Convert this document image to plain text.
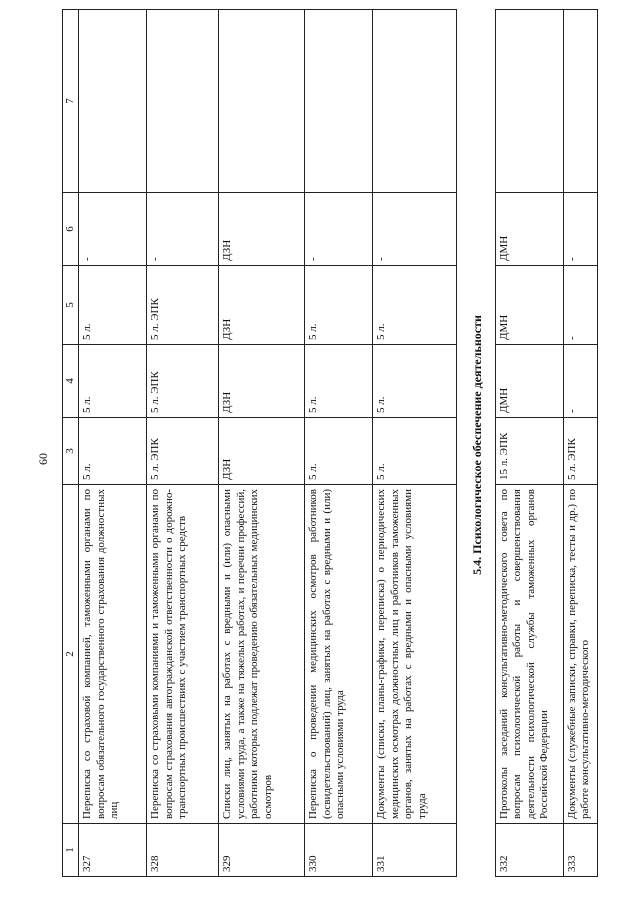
60
1	2	3	4	5	6	7
327	Переписка со страховой компанией, таможенными органами по вопросам обязательного государственного страхования должностных лиц	5 л.	5 л.	5 л.	-	
328	Переписка со страховыми компаниями и таможенными органами по вопросам страхования автогражданской ответственности о дорожно-транспортных происшествиях с участием транспортных средств	5 л. ЭПК	5 л. ЭПК	5 л. ЭПК	-	
329	Списки лиц, занятых на работах с вредными и (или) опасными условиями труда, а также на тяжелых работах, и перечни профессий, работники которых подлежат проведению обязательных медицинских осмотров	ДЗН	ДЗН	ДЗН	ДЗН	
330	Переписка о проведении медицинских осмотров работников (освидетельствований) лиц, занятых на работах с вредными и (или) опасными условиями труда	5 л.	5 л.	5 л.	-	
331	Документы (списки, планы-графики, переписка) о периодических медицинских осмотрах должностных лиц и работников таможенных органов, занятых на работах с вредными и опасными условиями труда	5 л.	5 л.	5 л.	-	
5.4. Психологическое обеспечение деятельности
332	Протоколы заседаний консультативно-методического совета по вопросам психологической работы и совершенствования деятельности психологической службы таможенных органов Российской Федерации	15 л. ЭПК	ДМН	ДМН	ДМН	
333	Документы (служебные записки, справки, переписка, тесты и др.) по работе консультативно-методического	5 л. ЭПК	-	-	-	
